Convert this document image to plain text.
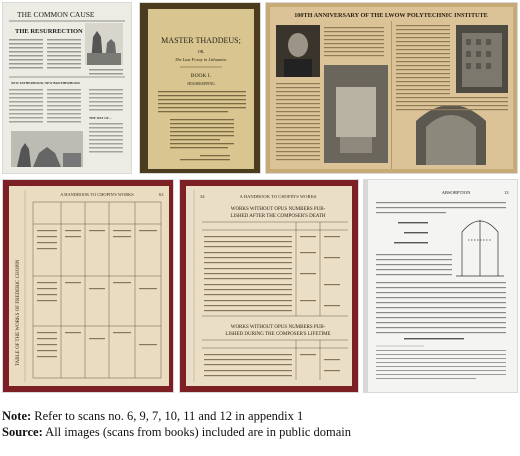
THE COMMON CAUSE
THE RESURRECTION
NEW FATHERHOOD, NEW BROTHERHOOD
THE WAY OF ...
MASTER THADDEUS;
OR,
The Last Foray in Lithuania.
BOOK I.
HOUSEKEEPING
100TH ANNIVERSARY OF THE LWOW POLYTECHNIC INSTITUTE
A HANDBOOK TO CHOPIN'S WORKS	63
TABLE OF THE WORKS OF FREDERIC CHOPIN
34	A HANDBOOK TO CHOPIN'S WORKS
WORKS WITHOUT OPUS NUMBERS PUB-
LISHED AFTER THE COMPOSER'S DEATH
WORKS WITHOUT OPUS NUMBERS PUB-
LISHED DURING THE COMPOSER'S LIFETIME
ABSORPTION	13
Note: Refer to scans no. 6, 9, 7, 10, 11 and 12 in appendix 1
Source: All images (scans from books) included are in public domain
